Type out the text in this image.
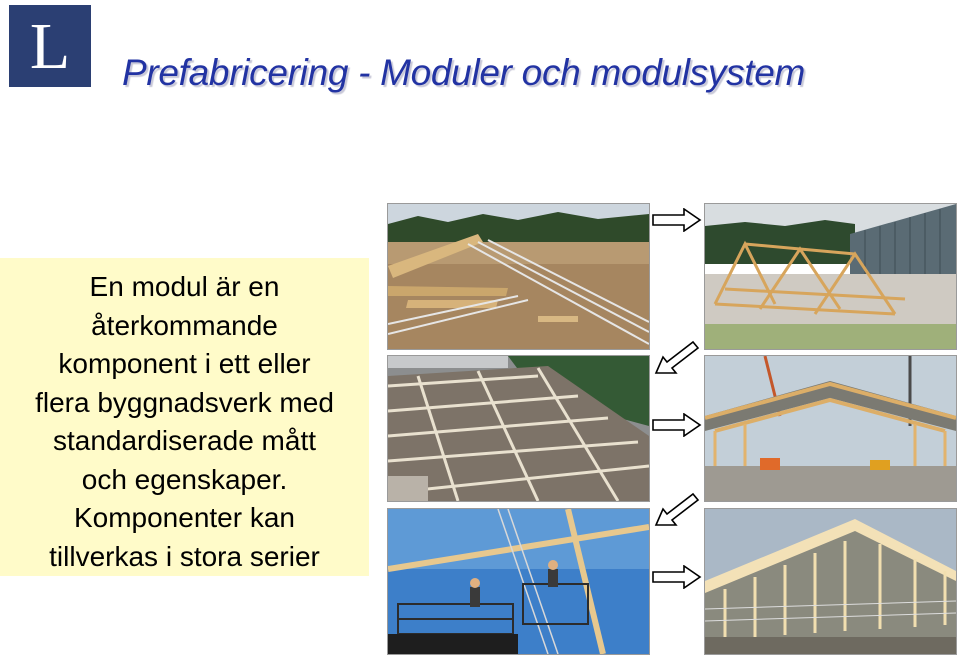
L Prefabricering - Moduler och modulsystem
En modul är en
återkommande
komponent i ett eller
flera byggnadsverk med
standardiserade mått
och egenskaper.
Komponenter kan
tillverkas i stora serier
